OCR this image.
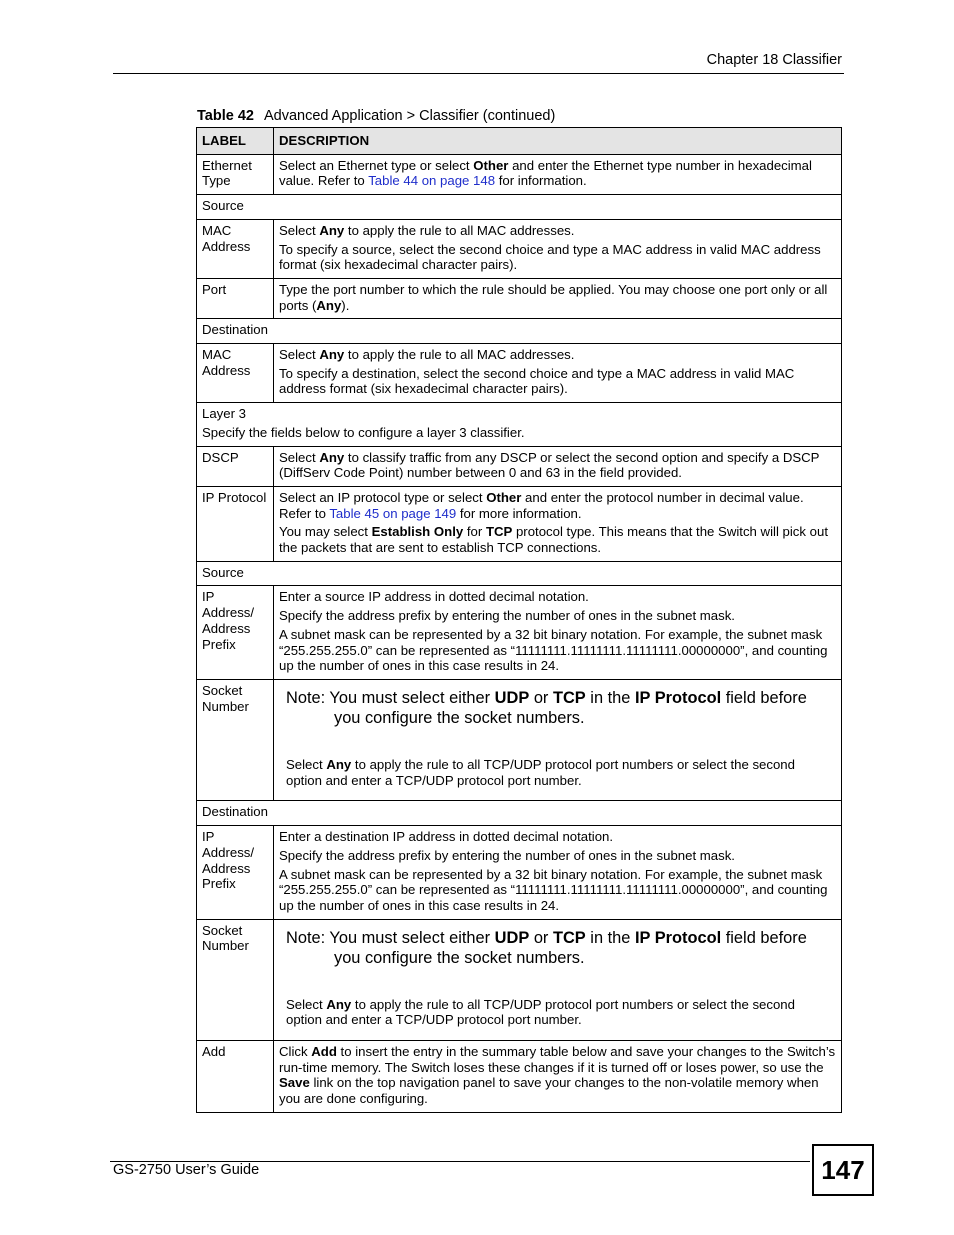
Chapter 18 Classifier
Table 42 Advanced Application > Classifier (continued)
LABEL	DESCRIPTION
Ethernet Type	Select an Ethernet type or select Other and enter the Ethernet type number in hexadecimal value. Refer to Table 44 on page 148 for information.
Source	
MAC Address	Select Any to apply the rule to all MAC addresses.
To specify a source, select the second choice and type a MAC address in valid MAC address format (six hexadecimal character pairs).

Port	Type the port number to which the rule should be applied. You may choose one port only or all ports (Any).
Destination	
MAC Address	Select Any to apply the rule to all MAC addresses.
To specify a destination, select the second choice and type a MAC address in valid MAC address format (six hexadecimal character pairs).

Layer 3
Specify the fields below to configure a layer 3 classifier.	

DSCP	Select Any to classify traffic from any DSCP or select the second option and specify a DSCP (DiffServ Code Point) number between 0 and 63 in the field provided.
IP Protocol	Select an IP protocol type or select Other and enter the protocol number in decimal value. Refer to Table 45 on page 149 for more information.
You may select Establish Only for TCP protocol type. This means that the Switch will pick out the packets that are sent to establish TCP connections.

Source	
IP Address/ Address Prefix	Enter a source IP address in dotted decimal notation.
Specify the address prefix by entering the number of ones in the subnet mask.
A subnet mask can be represented by a 32 bit binary notation. For example, the subnet mask “255.255.255.0” can be represented as “11111111.11111111.11111111.00000000”, and counting up the number of ones in this case results in 24.

Socket Number	Note: You must select either UDP or TCP in the IP Protocol field before you configure the socket numbers.
Select Any to apply the rule to all TCP/UDP protocol port numbers or select the second option and enter a TCP/UDP protocol port number.

Destination	
IP Address/ Address Prefix	Enter a destination IP address in dotted decimal notation.
Specify the address prefix by entering the number of ones in the subnet mask.
A subnet mask can be represented by a 32 bit binary notation. For example, the subnet mask “255.255.255.0” can be represented as “11111111.11111111.11111111.00000000”, and counting up the number of ones in this case results in 24.

Socket Number	Note: You must select either UDP or TCP in the IP Protocol field before you configure the socket numbers.
Select Any to apply the rule to all TCP/UDP protocol port numbers or select the second option and enter a TCP/UDP protocol port number.

Add	Click Add to insert the entry in the summary table below and save your changes to the Switch’s run-time memory. The Switch loses these changes if it is turned off or loses power, so use the Save link on the top navigation panel to save your changes to the non-volatile memory when you are done configuring.
GS-2750 User’s Guide	147
